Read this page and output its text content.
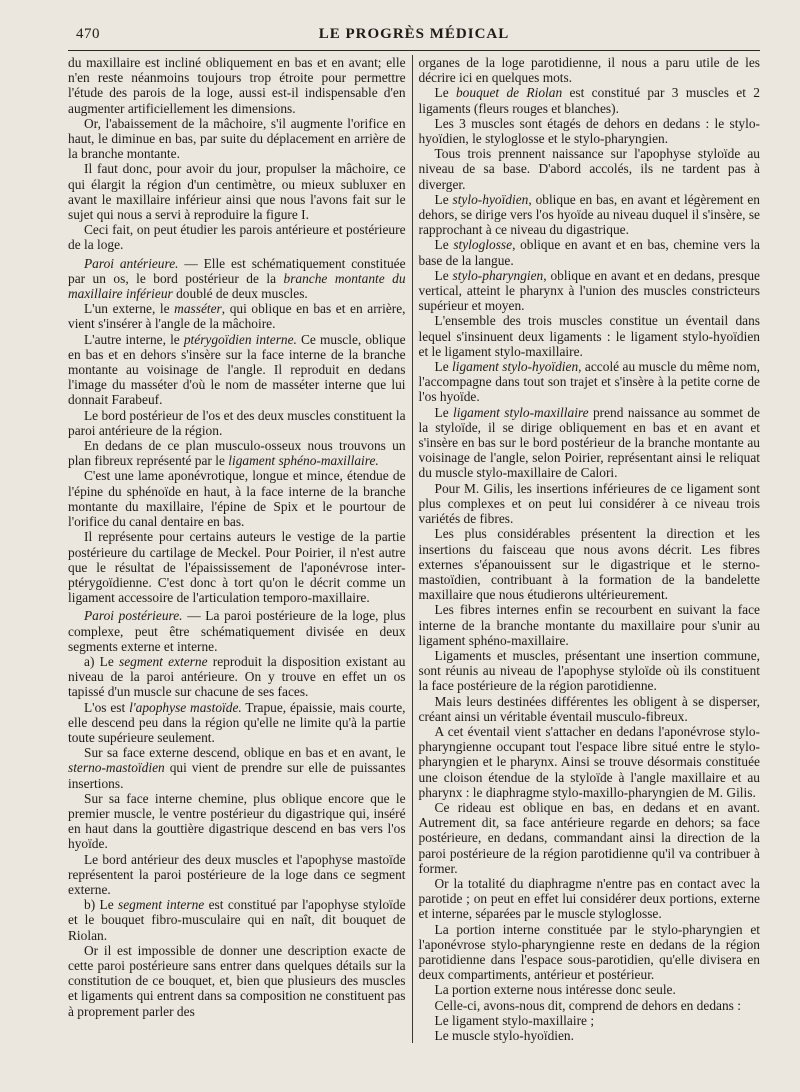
470	LE PROGRÈS MÉDICAL

du maxillaire est incliné obliquement en bas et en avant; elle n'en reste néanmoins toujours trop étroite pour permettre l'étude des parois de la loge, aussi est-il indispensable d'en augmenter artificiellement les dimensions.

Or, l'abaissement de la mâchoire, s'il augmente l'orifice en haut, le diminue en bas, par suite du déplacement en arrière de la branche montante.

Il faut donc, pour avoir du jour, propulser la mâchoire, ce qui élargit la région d'un centimètre, ou mieux subluxer en avant le maxillaire inférieur ainsi que nous l'avons fait sur le sujet qui nous a servi à reproduire la figure I.

Ceci fait, on peut étudier les parois antérieure et postérieure de la loge.

Paroi antérieure. — Elle est schématiquement constituée par un os, le bord postérieur de la branche montante du maxillaire inférieur doublé de deux muscles.

L'un externe, le masséter, qui oblique en bas et en arrière, vient s'insérer à l'angle de la mâchoire.

L'autre interne, le ptérygoïdien interne. Ce muscle, oblique en bas et en dehors s'insère sur la face interne de la branche montante au voisinage de l'angle. Il reproduit en dedans l'image du masséter d'où le nom de masséter interne que lui donnait Farabeuf.

Le bord postérieur de l'os et des deux muscles constituent la paroi antérieure de la région.

En dedans de ce plan musculo-osseux nous trouvons un plan fibreux représenté par le ligament sphéno-maxillaire.

C'est une lame aponévrotique, longue et mince, étendue de l'épine du sphénoïde en haut, à la face interne de la branche montante du maxillaire, l'épine de Spix et le pourtour de l'orifice du canal dentaire en bas.

Il représente pour certains auteurs le vestige de la partie postérieure du cartilage de Meckel. Pour Poirier, il n'est autre que le résultat de l'épaississement de l'aponévrose inter-ptérygoïdienne. C'est donc à tort qu'on le décrit comme un ligament accessoire de l'articulation temporo-maxillaire.

Paroi postérieure. — La paroi postérieure de la loge, plus complexe, peut être schématiquement divisée en deux segments externe et interne.

a) Le segment externe reproduit la disposition existant au niveau de la paroi antérieure. On y trouve en effet un os tapissé d'un muscle sur chacune de ses faces.

L'os est l'apophyse mastoïde. Trapue, épaissie, mais courte, elle descend peu dans la région qu'elle ne limite qu'à la partie toute supérieure seulement.

Sur sa face externe descend, oblique en bas et en avant, le sterno-mastoïdien qui vient de prendre sur elle de puissantes insertions.

Sur sa face interne chemine, plus oblique encore que le premier muscle, le ventre postérieur du digastrique qui, inséré en haut dans la gouttière digastrique descend en bas vers l'os hyoïde.

Le bord antérieur des deux muscles et l'apophyse mastoïde représentent la paroi postérieure de la loge dans ce segment externe.

b) Le segment interne est constitué par l'apophyse styloïde et le bouquet fibro-musculaire qui en naît, dit bouquet de Riolan.

Or il est impossible de donner une description exacte de cette paroi postérieure sans entrer dans quelques détails sur la constitution de ce bouquet, et, bien que plusieurs des muscles et ligaments qui entrent dans sa composition ne constituent pas à proprement parler des

organes de la loge parotidienne, il nous a paru utile de les décrire ici en quelques mots.

Le bouquet de Riolan est constitué par 3 muscles et 2 ligaments (fleurs rouges et blanches).

Les 3 muscles sont étagés de dehors en dedans : le stylo-hyoïdien, le styloglosse et le stylo-pharyngien.

Tous trois prennent naissance sur l'apophyse styloïde au niveau de sa base. D'abord accolés, ils ne tardent pas à diverger.

Le stylo-hyoïdien, oblique en bas, en avant et légèrement en dehors, se dirige vers l'os hyoïde au niveau duquel il s'insère, se rapprochant à ce niveau du digastrique.

Le styloglosse, oblique en avant et en bas, chemine vers la base de la langue.

Le stylo-pharyngien, oblique en avant et en dedans, presque vertical, atteint le pharynx à l'union des muscles constricteurs supérieur et moyen.

L'ensemble des trois muscles constitue un éventail dans lequel s'insinuent deux ligaments : le ligament stylo-hyoïdien et le ligament stylo-maxillaire.

Le ligament stylo-hyoïdien, accolé au muscle du même nom, l'accompagne dans tout son trajet et s'insère à la petite corne de l'os hyoïde.

Le ligament stylo-maxillaire prend naissance au sommet de la styloïde, il se dirige obliquement en bas et en avant et s'insère en bas sur le bord postérieur de la branche montante au voisinage de l'angle, selon Poirier, représentant ainsi le reliquat du muscle stylo-maxillaire de Calori.

Pour M. Gilis, les insertions inférieures de ce ligament sont plus complexes et on peut lui considérer à ce niveau trois variétés de fibres.

Les plus considérables présentent la direction et les insertions du faisceau que nous avons décrit. Les fibres externes s'épanouissent sur le digastrique et le sterno-mastoïdien, contribuant à la formation de la bandelette maxillaire que nous étudierons ultérieurement.

Les fibres internes enfin se recourbent en suivant la face interne de la branche montante du maxillaire pour s'unir au ligament sphéno-maxillaire.

Ligaments et muscles, présentant une insertion commune, sont réunis au niveau de l'apophyse styloïde où ils constituent la face postérieure de la région parotidienne.

Mais leurs destinées différentes les obligent à se disperser, créant ainsi un véritable éventail musculo-fibreux.

A cet éventail vient s'attacher en dedans l'aponévrose stylo-pharyngienne occupant tout l'espace libre situé entre le stylo-pharyngien et le pharynx. Ainsi se trouve désormais constituée une cloison étendue de la styloïde à l'angle maxillaire et au pharynx : le diaphragme stylo-maxillo-pharyngien de M. Gilis.

Ce rideau est oblique en bas, en dedans et en avant. Autrement dit, sa face antérieure regarde en dehors; sa face postérieure, en dedans, commandant ainsi la direction de la paroi postérieure de la région parotidienne qu'il va contribuer à former.

Or la totalité du diaphragme n'entre pas en contact avec la parotide ; on peut en effet lui considérer deux portions, externe et interne, séparées par le muscle styloglosse.

La portion interne constituée par le stylo-pharyngien et l'aponévrose stylo-pharyngienne reste en dedans de la région parotidienne dans l'espace sous-parotidien, qu'elle divisera en deux compartiments, antérieur et postérieur.

La portion externe nous intéresse donc seule.

Celle-ci, avons-nous dit, comprend de dehors en dedans :

Le ligament stylo-maxillaire ;

Le muscle stylo-hyoïdien.
